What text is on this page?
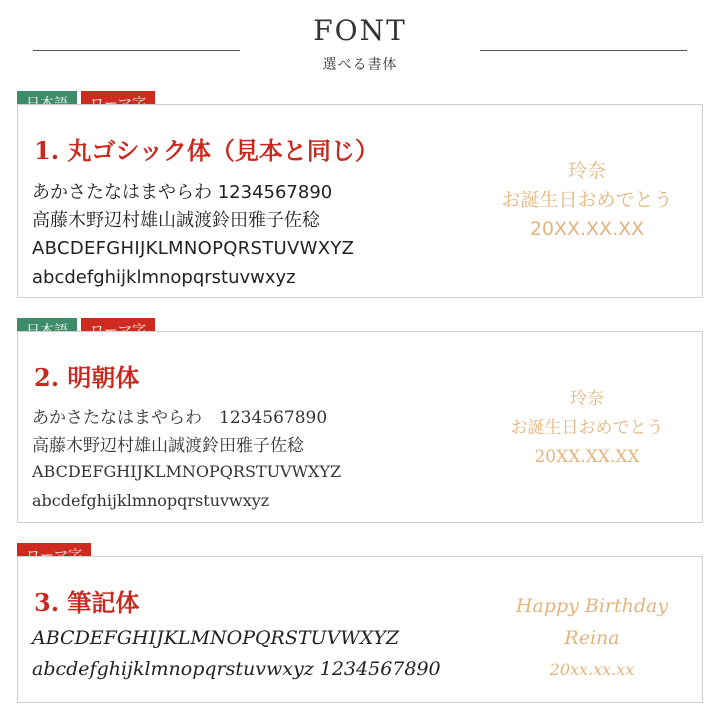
FONT
選べる書体
1. 丸ゴシック体（見本と同じ）
あかさたなはまやらわ 1234567890
高藤木野辺村雄山誠渡鈴田雅子佐稔
ABCDEFGHIJKLMNOPQRSTUVWXYZ
abcdefghijklmnopqrstuvwxyz
玲奈
お誕生日おめでとう
20XX.XX.XX
2. 明朝体
あかさたなはまやらわ　1234567890
高藤木野辺村雄山誠渡鈴田雅子佐稔
ABCDEFGHIJKLMNOPQRSTUVWXYZ
abcdefghijklmnopqrstuvwxyz
玲奈
お誕生日おめでとう
20XX.XX.XX
3. 筆記体
ABCDEFGHIJKLMNOPQRSTUVWXYZ
abcdefghijklmnopqrstuvwxyz 1234567890
Happy Birthday
Reina
20xx.xx.xx
